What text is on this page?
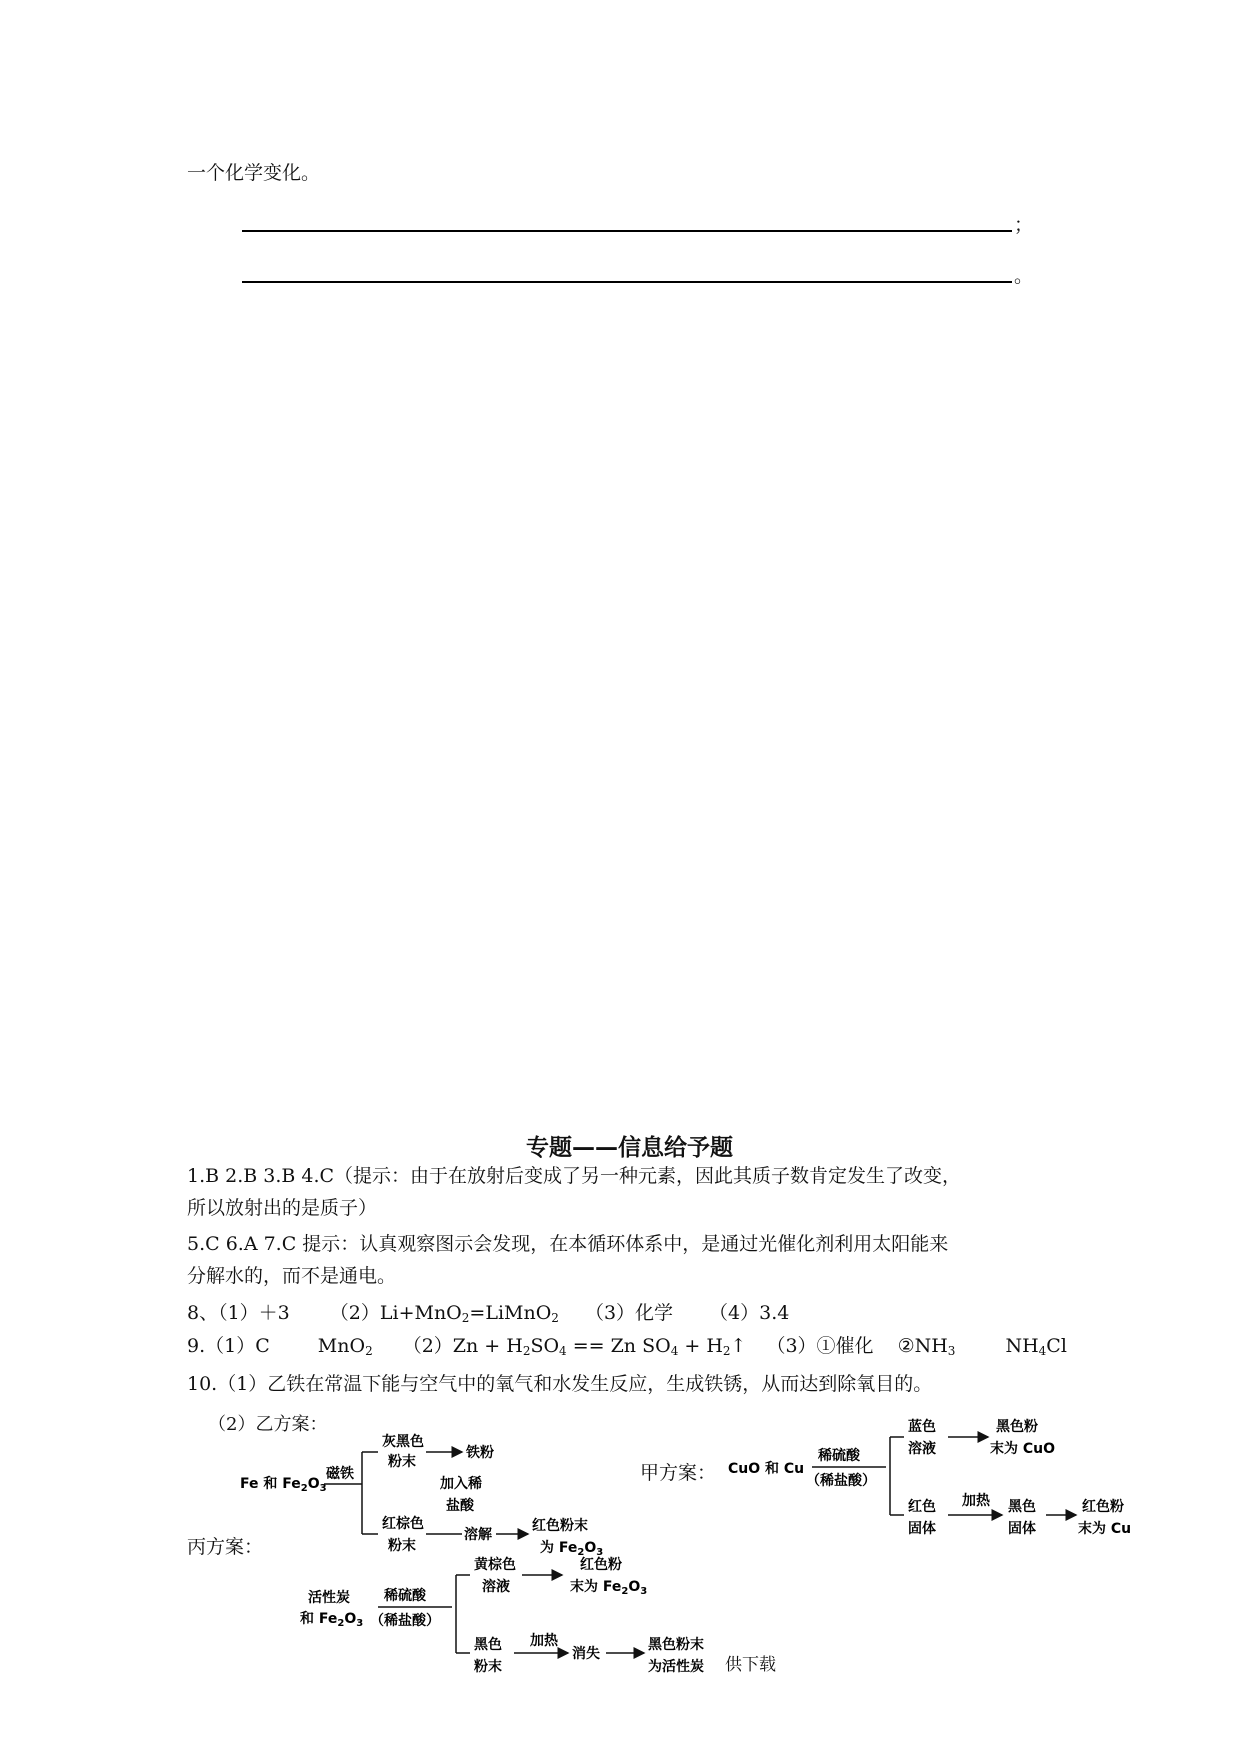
一个化学变化。
；
。
专题——信息给予题
1.B 2.B 3.B 4.C（提示：由于在放射后变成了另一种元素，因此其质子数肯定发生了改变，
所以放射出的是质子）
5.C 6.A 7.C 提示：认真观察图示会发现，在本循环体系中，是通过光催化剂利用太阳能来
分解水的，而不是通电。
8、（1）＋3 （2）Li+MnO$_2$=LiMnO$_2$ （3）化学 （4）3.4
9.（1）C	MnO$_2$ $(2)Zn + H_2SO_4 == Zn$ $SO_4$ + $H_2↑$ （3）①催化 $②NH_3$	$NH_4Cl$
10.（1）乙铁在常温下能与空气中的氧气和水发生反应，生成铁锈，从而达到除氧目的。
（2）乙方案：
Fe 和 $Fe_2O_3$
磁铁
灰黑色
粉末
铁粉
加入稀
盐酸
红棕色
粉末
溶解
红色粉末
为 $Fe_2O_3$
甲方案： CuO 和 Cu
稀硫酸
（稀盐酸）
蓝色
溶液
黑色粉
末为 CuO
红色
固体
加热 黑色
固体
红色粉
末为 Cu
丙方案：
活性炭
和 $Fe_2O_3$
稀硫酸
（稀盐酸）
黄棕色
溶液
红色粉
末为 $Fe_2O_3$
黑色
粉末
加热
消失
黑色粉末
为活性炭 供下载
